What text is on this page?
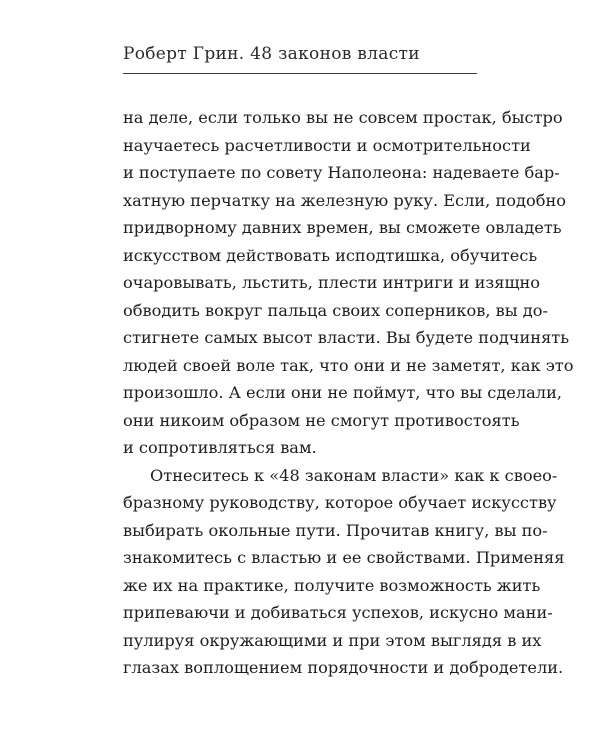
Роберт Грин. 48 законов власти
на деле, если только вы не совсем простак, быстро
научаетесь расчетливости и осмотрительности
и поступаете по совету Наполеона: надеваете бар-
хатную перчатку на железную руку. Если, подобно
придворному давних времен, вы сможете овладеть
искусством действовать исподтишка, обучитесь
очаровывать, льстить, плести интриги и изящно
обводить вокруг пальца своих соперников, вы до-
стигнете самых высот власти. Вы будете подчинять
людей своей воле так, что они и не заметят, как это
произошло. А если они не поймут, что вы сделали,
они никоим образом не смогут противостоять
и сопротивляться вам.
Отнеситесь к «48 законам власти» как к своео-
бразному руководству, которое обучает искусству
выбирать окольные пути. Прочитав книгу, вы по-
знакомитесь с властью и ее свойствами. Применяя
же их на практике, получите возможность жить
припеваючи и добиваться успехов, искусно мани-
пулируя окружающими и при этом выглядя в их
глазах воплощением порядочности и добродетели.
